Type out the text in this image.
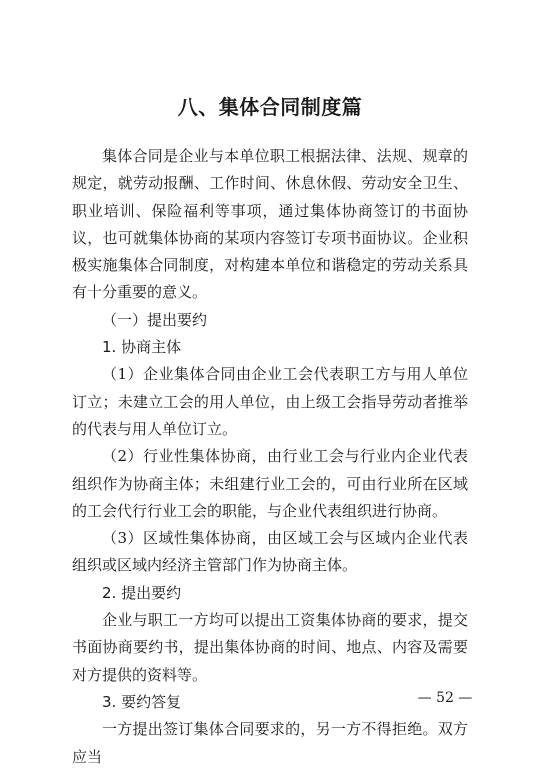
八、集体合同制度篇

集体合同是企业与本单位职工根据法律、法规、规章的规定，就劳动报酬、工作时间、休息休假、劳动安全卫生、职业培训、保险福利等事项，通过集体协商签订的书面协议，也可就集体协商的某项内容签订专项书面协议。企业积极实施集体合同制度，对构建本单位和谐稳定的劳动关系具有十分重要的意义。

（一）提出要约

1. 协商主体

（1）企业集体合同由企业工会代表职工方与用人单位订立；未建立工会的用人单位，由上级工会指导劳动者推举的代表与用人单位订立。

（2）行业性集体协商，由行业工会与行业内企业代表组织作为协商主体；未组建行业工会的，可由行业所在区域的工会代行行业工会的职能，与企业代表组织进行协商。

（3）区域性集体协商，由区域工会与区域内企业代表组织或区域内经济主管部门作为协商主体。

2. 提出要约

企业与职工一方均可以提出工资集体协商的要求，提交书面协商要约书，提出集体协商的时间、地点、内容及需要对方提供的资料等。

3. 要约答复

一方提出签订集体合同要求的，另一方不得拒绝。双方应当

— 52 —
